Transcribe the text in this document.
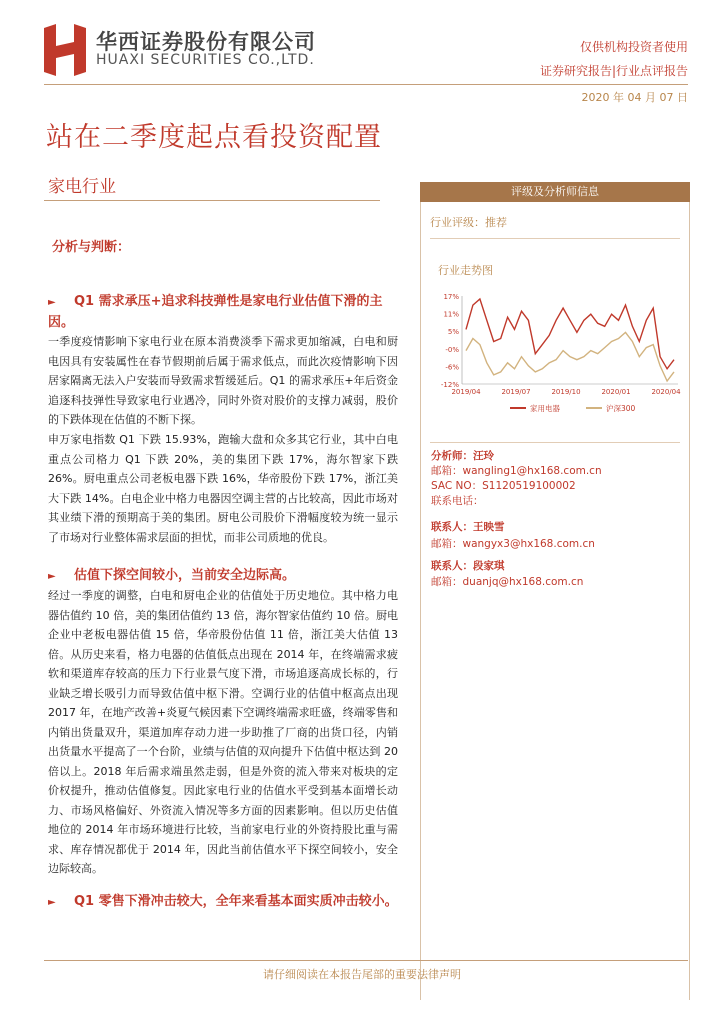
华西证券股份有限公司
HUAXI SECURITIES CO.,LTD.
仅供机构投资者使用
证券研究报告|行业点评报告
2020 年 04 月 07 日
站在二季度起点看投资配置
家电行业
分析与判断：
► Q1 需求承压+追求科技弹性是家电行业估值下滑的主因。
一季度疫情影响下家电行业在原本消费淡季下需求更加缩减，白电和厨电因具有安装属性在春节假期前后属于需求低点，而此次疫情影响下因居家隔离无法入户安装而导致需求暂缓延后。Q1 的需求承压+年后资金追逐科技弹性导致家电行业遇冷，同时外资对股价的支撑力减弱，股价的下跌体现在估值的不断下探。
申万家电指数 Q1 下跌 15.93%，跑输大盘和众多其它行业，其中白电重点公司格力 Q1 下跌 20%，美的集团下跌 17%，海尔智家下跌 26%。厨电重点公司老板电器下跌 16%，华帝股份下跌 17%，浙江美大下跌 14%。白电企业中格力电器因空调主营的占比较高，因此市场对其业绩下滑的预期高于美的集团。厨电公司股价下滑幅度较为统一显示了市场对行业整体需求层面的担忧，而非公司质地的优良。
► 估值下探空间较小，当前安全边际高。
经过一季度的调整，白电和厨电企业的估值处于历史地位。其中格力电器估值约 10 倍，美的集团估值约 13 倍，海尔智家估值约 10 倍。厨电企业中老板电器估值 15 倍，华帝股份估值 11 倍，浙江美大估值 13 倍。从历史来看，格力电器的估值低点出现在 2014 年，在终端需求疲软和渠道库存较高的压力下行业景气度下滑，市场追逐高成长标的，行业缺乏增长吸引力而导致估值中枢下滑。空调行业的估值中枢高点出现 2017 年，在地产改善+炎夏气候因素下空调终端需求旺盛，终端零售和内销出货量双升，渠道加库存动力进一步助推了厂商的出货口径，内销出货量水平提高了一个台阶，业绩与估值的双向提升下估值中枢达到 20 倍以上。2018 年后需求端虽然走弱，但是外资的流入带来对板块的定价权提升，推动估值修复。因此家电行业的估值水平受到基本面增长动力、市场风格偏好、外资流入情况等多方面的因素影响。但以历史估值地位的 2014 年市场环境进行比较，当前家电行业的外资持股比重与需求、库存情况都优于 2014 年，因此当前估值水平下探空间较小，安全边际较高。
► Q1 零售下滑冲击较大，全年来看基本面实质冲击较小。
评级及分析师信息
行业评级：推荐
行业走势图
17%
11%
5%
-0%
-6%
-12%
2019/04	2019/07	2019/10	2020/01	2020/04
家用电器	沪深300
分析师：汪玲
邮箱：wangling1@hx168.com.cn
SAC NO：S1120519100002
联系电话：
联系人：王映雪
邮箱：wangyx3@hx168.com.cn
联系人：段家琪
邮箱：duanjq@hx168.com.cn
请仔细阅读在本报告尾部的重要法律声明
